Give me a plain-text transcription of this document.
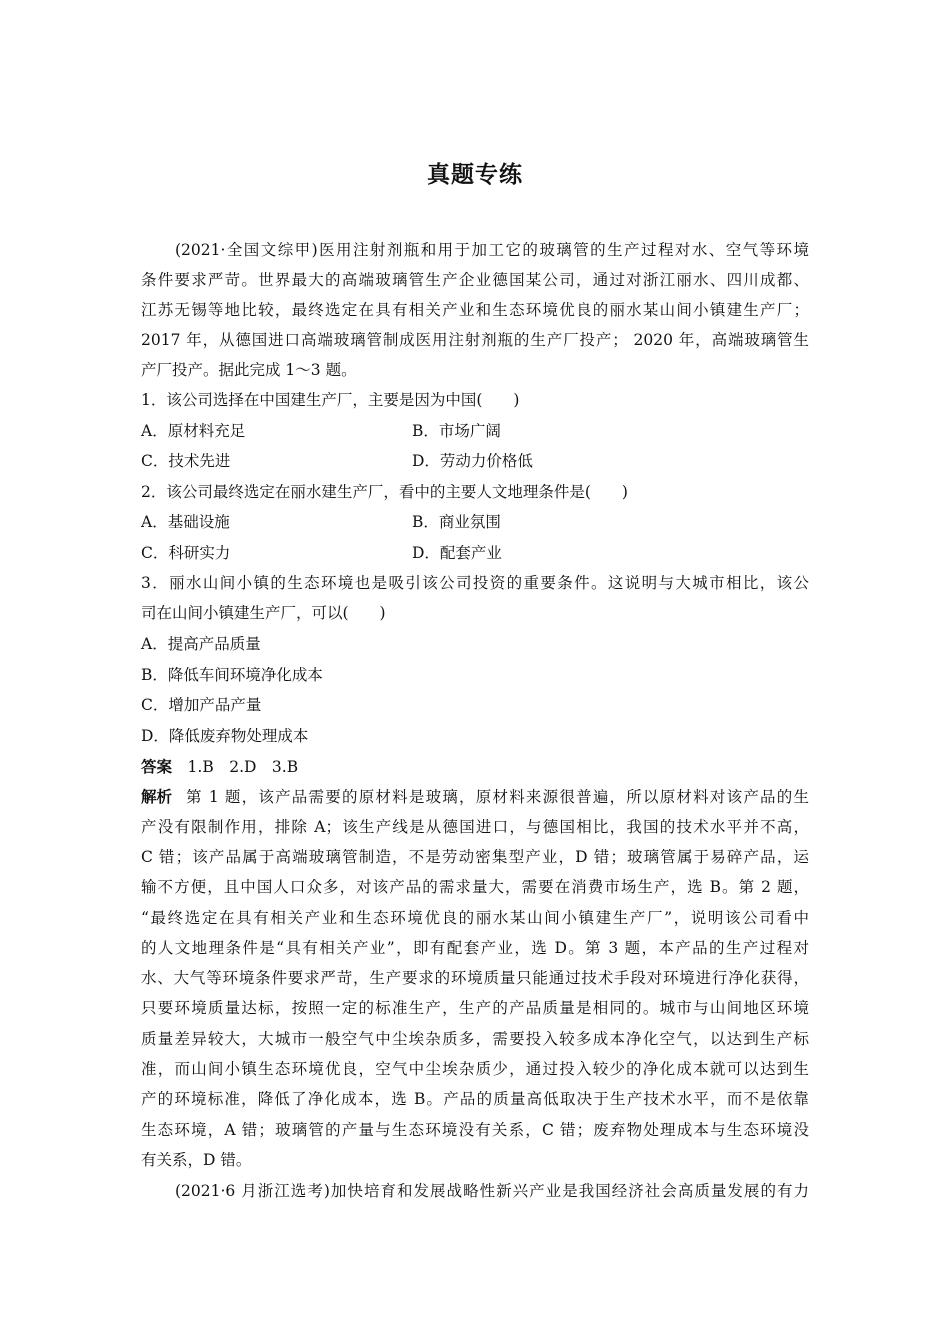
真题专练
(2021·全国文综甲)医用注射剂瓶和用于加工它的玻璃管的生产过程对水、空气等环境
条件要求严苛。世界最大的高端玻璃管生产企业德国某公司，通过对浙江丽水、四川成都、
江苏无锡等地比较，最终选定在具有相关产业和生态环境优良的丽水某山间小镇建生产厂；
2017 年，从德国进口高端玻璃管制成医用注射剂瓶的生产厂投产； 2020 年，高端玻璃管生
产厂投产。据此完成 1～3 题。
1．该公司选择在中国建生产厂，主要是因为中国(　　)
A．原材料充足	B．市场广阔
C．技术先进	D．劳动力价格低
2．该公司最终选定在丽水建生产厂，看中的主要人文地理条件是(　　)
A．基础设施	B．商业氛围
C．科研实力	D．配套产业
3．丽水山间小镇的生态环境也是吸引该公司投资的重要条件。这说明与大城市相比，该公
司在山间小镇建生产厂，可以(　　)
A．提高产品质量
B．降低车间环境净化成本
C．增加产品产量
D．降低废弃物处理成本
答案　 1.B　2.D　3.B
解析 第 1 题，该产品需要的原材料是玻璃，原材料来源很普遍，所以原材料对该产品的生
产没有限制作用，排除 A；该生产线是从德国进口，与德国相比，我国的技术水平并不高，
C 错；该产品属于高端玻璃管制造，不是劳动密集型产业，D 错；玻璃管属于易碎产品，运
输不方便，且中国人口众多，对该产品的需求量大，需要在消费市场生产，选 B。第 2 题，
“最终选定在具有相关产业和生态环境优良的丽水某山间小镇建生产厂”，说明该公司看中
的人文地理条件是“具有相关产业”，即有配套产业，选 D。第 3 题，本产品的生产过程对
水、大气等环境条件要求严苛，生产要求的环境质量只能通过技术手段对环境进行净化获得，
只要环境质量达标，按照一定的标准生产，生产的产品质量是相同的。城市与山间地区环境
质量差异较大，大城市一般空气中尘埃杂质多，需要投入较多成本净化空气，以达到生产标
准，而山间小镇生态环境优良，空气中尘埃杂质少，通过投入较少的净化成本就可以达到生
产的环境标准，降低了净化成本，选 B。产品的质量高低取决于生产技术水平，而不是依靠
生态环境，A 错；玻璃管的产量与生态环境没有关系，C 错；废弃物处理成本与生态环境没
有关系，D 错。
(2021·6 月浙江选考)加快培育和发展战略性新兴产业是我国经济社会高质量发展的有力
